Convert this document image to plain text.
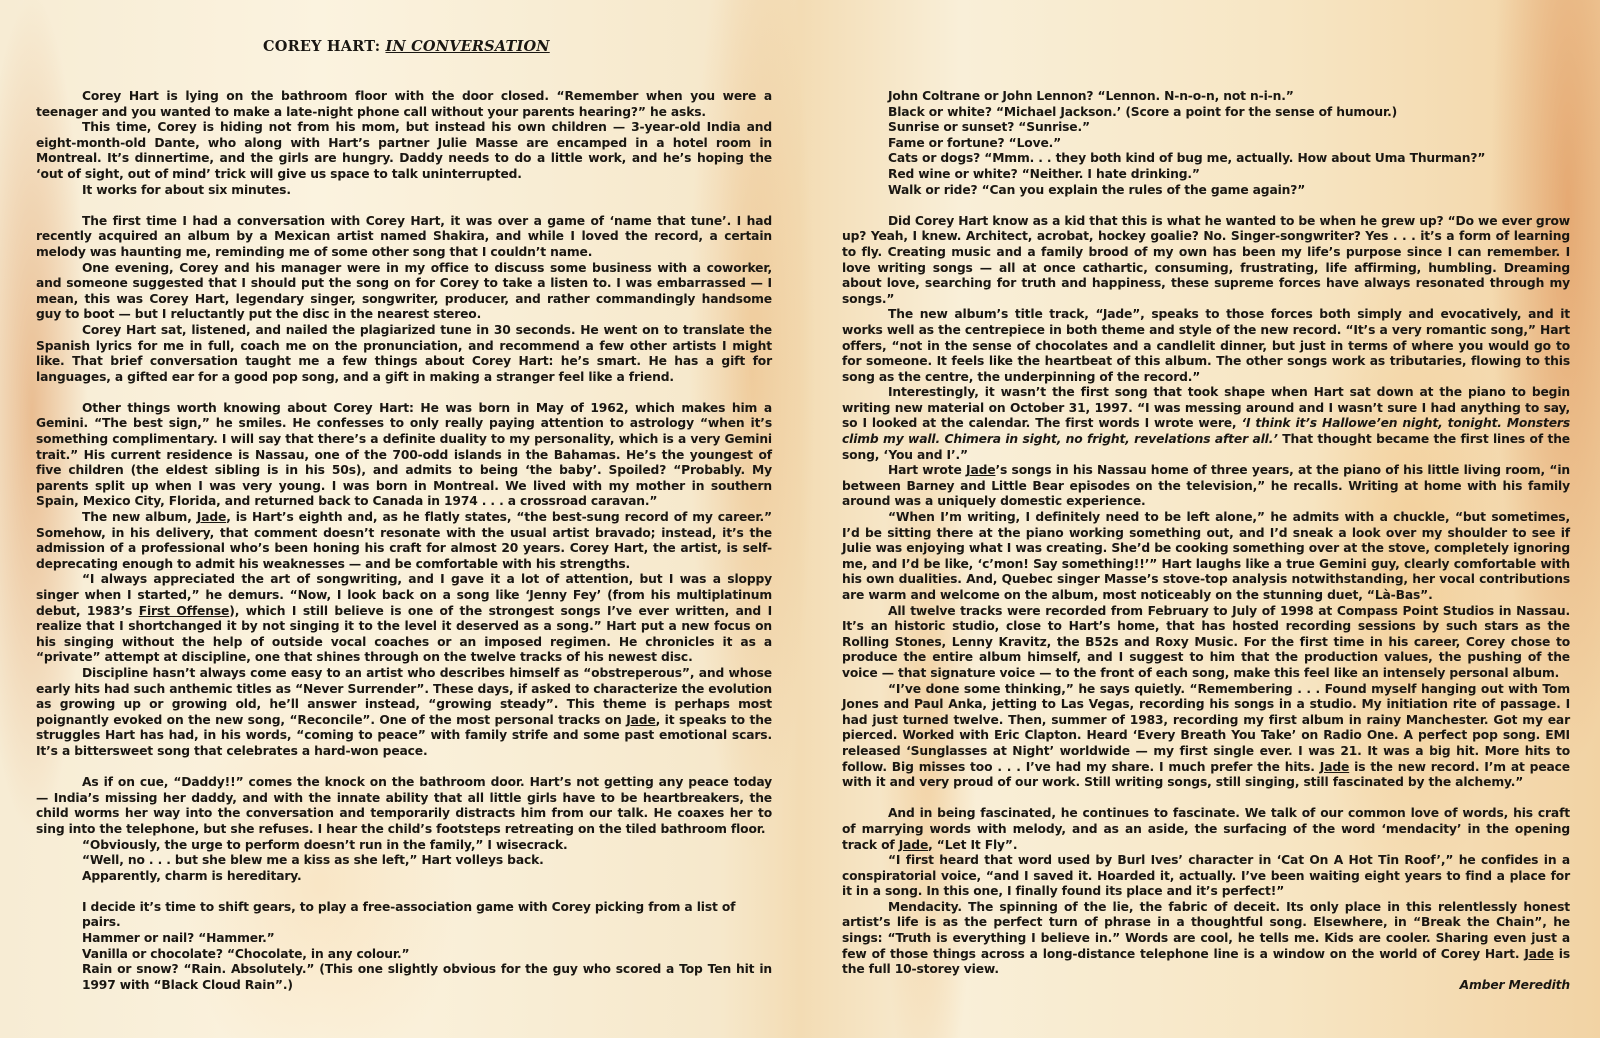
COREY HART: IN CONVERSATION

Corey Hart is lying on the bathroom floor with the door closed. “Remember when you were a teenager and you wanted to make a late-night phone call without your parents hearing?” he asks.

This time, Corey is hiding not from his mom, but instead his own children — 3-year-old India and eight-month-old Dante, who along with Hart’s partner Julie Masse are encamped in a hotel room in Montreal. It’s dinnertime, and the girls are hungry. Daddy needs to do a little work, and he’s hoping the ‘out of sight, out of mind’ trick will give us space to talk uninterrupted.

It works for about six minutes.

The first time I had a conversation with Corey Hart, it was over a game of ‘name that tune’. I had recently acquired an album by a Mexican artist named Shakira, and while I loved the record, a certain melody was haunting me, reminding me of some other song that I couldn’t name.

One evening, Corey and his manager were in my office to discuss some business with a coworker, and someone suggested that I should put the song on for Corey to take a listen to. I was embarrassed — I mean, this was Corey Hart, legendary singer, songwriter, producer, and rather commandingly handsome guy to boot — but I reluctantly put the disc in the nearest stereo.

Corey Hart sat, listened, and nailed the plagiarized tune in 30 seconds. He went on to translate the Spanish lyrics for me in full, coach me on the pronunciation, and recommend a few other artists I might like. That brief conversation taught me a few things about Corey Hart: he’s smart. He has a gift for languages, a gifted ear for a good pop song, and a gift in making a stranger feel like a friend.

Other things worth knowing about Corey Hart: He was born in May of 1962, which makes him a Gemini. “The best sign,” he smiles. He confesses to only really paying attention to astrology “when it’s something complimentary. I will say that there’s a definite duality to my personality, which is a very Gemini trait.” His current residence is Nassau, one of the 700-odd islands in the Bahamas. He’s the youngest of five children (the eldest sibling is in his 50s), and admits to being ‘the baby’. Spoiled? “Probably. My parents split up when I was very young. I was born in Montreal. We lived with my mother in southern Spain, Mexico City, Florida, and returned back to Canada in 1974 . . . a crossroad caravan.”

The new album, Jade, is Hart’s eighth and, as he flatly states, “the best-sung record of my career.” Somehow, in his delivery, that comment doesn’t resonate with the usual artist bravado; instead, it’s the admission of a professional who’s been honing his craft for almost 20 years. Corey Hart, the artist, is self-deprecating enough to admit his weaknesses — and be comfortable with his strengths.

“I always appreciated the art of songwriting, and I gave it a lot of attention, but I was a sloppy singer when I started,” he demurs. “Now, I look back on a song like ‘Jenny Fey’ (from his multiplatinum debut, 1983’s First Offense), which I still believe is one of the strongest songs I’ve ever written, and I realize that I shortchanged it by not singing it to the level it deserved as a song.” Hart put a new focus on his singing without the help of outside vocal coaches or an imposed regimen. He chronicles it as a “private” attempt at discipline, one that shines through on the twelve tracks of his newest disc.

Discipline hasn’t always come easy to an artist who describes himself as “obstreperous”, and whose early hits had such anthemic titles as “Never Surrender”. These days, if asked to characterize the evolution as growing up or growing old, he’ll answer instead, “growing steady”. This theme is perhaps most poignantly evoked on the new song, “Reconcile”. One of the most personal tracks on Jade, it speaks to the struggles Hart has had, in his words, “coming to peace” with family strife and some past emotional scars. It’s a bittersweet song that celebrates a hard-won peace.

As if on cue, “Daddy!!” comes the knock on the bathroom door. Hart’s not getting any peace today — India’s missing her daddy, and with the innate ability that all little girls have to be heartbreakers, the child worms her way into the conversation and temporarily distracts him from our talk. He coaxes her to sing into the telephone, but she refuses. I hear the child’s footsteps retreating on the tiled bathroom floor.

“Obviously, the urge to perform doesn’t run in the family,” I wisecrack.

“Well, no . . . but she blew me a kiss as she left,” Hart volleys back.

Apparently, charm is hereditary.

I decide it’s time to shift gears, to play a free-association game with Corey picking from a list of pairs.

Hammer or nail? “Hammer.”

Vanilla or chocolate? “Chocolate, in any colour.”

Rain or snow? “Rain. Absolutely.” (This one slightly obvious for the guy who scored a Top Ten hit in 1997 with “Black Cloud Rain”.)

John Coltrane or John Lennon? “Lennon. N-n-o-n, not n-i-n.”

Black or white? “Michael Jackson.’ (Score a point for the sense of humour.)

Sunrise or sunset? “Sunrise.”

Fame or fortune? “Love.”

Cats or dogs? “Mmm. . . they both kind of bug me, actually. How about Uma Thurman?”

Red wine or white? “Neither. I hate drinking.”

Walk or ride? “Can you explain the rules of the game again?”

Did Corey Hart know as a kid that this is what he wanted to be when he grew up? “Do we ever grow up? Yeah, I knew. Architect, acrobat, hockey goalie? No. Singer-songwriter? Yes . . . it’s a form of learning to fly. Creating music and a family brood of my own has been my life’s purpose since I can remember. I love writing songs — all at once cathartic, consuming, frustrating, life affirming, humbling. Dreaming about love, searching for truth and happiness, these supreme forces have always resonated through my songs.”

The new album’s title track, “Jade”, speaks to those forces both simply and evocatively, and it works well as the centrepiece in both theme and style of the new record. “It’s a very romantic song,” Hart offers, “not in the sense of chocolates and a candlelit dinner, but just in terms of where you would go to for someone. It feels like the heartbeat of this album. The other songs work as tributaries, flowing to this song as the centre, the underpinning of the record.”

Interestingly, it wasn’t the first song that took shape when Hart sat down at the piano to begin writing new material on October 31, 1997. “I was messing around and I wasn’t sure I had anything to say, so I looked at the calendar. The first words I wrote were, ‘I think it’s Hallowe’en night, tonight. Monsters climb my wall. Chimera in sight, no fright, revelations after all.’ That thought became the first lines of the song, ‘You and I’.”

Hart wrote Jade’s songs in his Nassau home of three years, at the piano of his little living room, “in between Barney and Little Bear episodes on the television,” he recalls. Writing at home with his family around was a uniquely domestic experience.

“When I’m writing, I definitely need to be left alone,” he admits with a chuckle, “but sometimes, I’d be sitting there at the piano working something out, and I’d sneak a look over my shoulder to see if Julie was enjoying what I was creating. She’d be cooking something over at the stove, completely ignoring me, and I’d be like, ‘c’mon! Say something!!’” Hart laughs like a true Gemini guy, clearly comfortable with his own dualities. And, Quebec singer Masse’s stove-top analysis notwithstanding, her vocal contributions are warm and welcome on the album, most noticeably on the stunning duet, “Là-Bas”.

All twelve tracks were recorded from February to July of 1998 at Compass Point Studios in Nassau. It’s an historic studio, close to Hart’s home, that has hosted recording sessions by such stars as the Rolling Stones, Lenny Kravitz, the B52s and Roxy Music. For the first time in his career, Corey chose to produce the entire album himself, and I suggest to him that the production values, the pushing of the voice — that signature voice — to the front of each song, make this feel like an intensely personal album.

“I’ve done some thinking,” he says quietly. “Remembering . . . Found myself hanging out with Tom Jones and Paul Anka, jetting to Las Vegas, recording his songs in a studio. My initiation rite of passage. I had just turned twelve. Then, summer of 1983, recording my first album in rainy Manchester. Got my ear pierced. Worked with Eric Clapton. Heard ‘Every Breath You Take’ on Radio One. A perfect pop song. EMI released ‘Sunglasses at Night’ worldwide — my first single ever. I was 21. It was a big hit. More hits to follow. Big misses too . . . I’ve had my share. I much prefer the hits. Jade is the new record. I’m at peace with it and very proud of our work. Still writing songs, still singing, still fascinated by the alchemy.”

And in being fascinated, he continues to fascinate. We talk of our common love of words, his craft of marrying words with melody, and as an aside, the surfacing of the word ‘mendacity’ in the opening track of Jade, “Let It Fly”.

“I first heard that word used by Burl Ives’ character in ‘Cat On A Hot Tin Roof’,” he confides in a conspiratorial voice, “and I saved it. Hoarded it, actually. I’ve been waiting eight years to find a place for it in a song. In this one, I finally found its place and it’s perfect!”

Mendacity. The spinning of the lie, the fabric of deceit. Its only place in this relentlessly honest artist’s life is as the perfect turn of phrase in a thoughtful song. Elsewhere, in “Break the Chain”, he sings: “Truth is everything I believe in.” Words are cool, he tells me. Kids are cooler. Sharing even just a few of those things across a long-distance telephone line is a window on the world of Corey Hart. Jade is the full 10-storey view.

Amber Meredith
